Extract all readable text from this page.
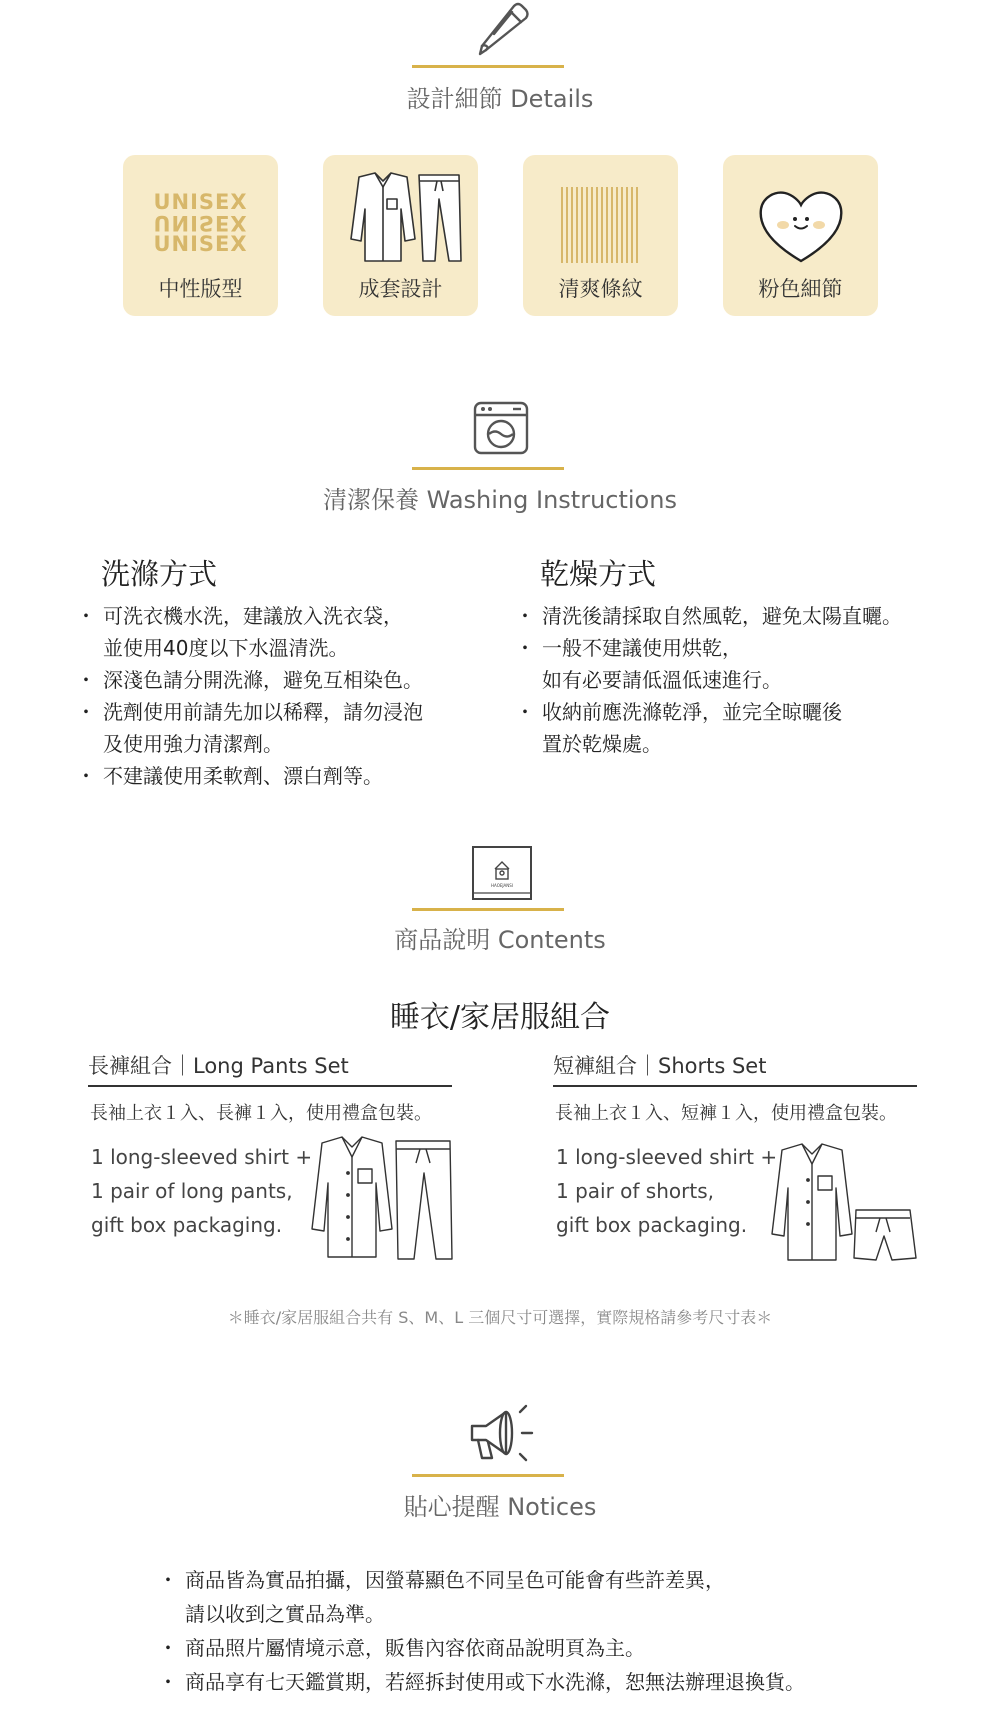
設計細節 Details
UNISEX
UNISEX
UNISEX
中性版型	成套設計	清爽條紋	粉色細節
清潔保養 Washing Instructions
洗滌方式
・ 可洗衣機水洗，建議放入洗衣袋，
並使用40度以下水溫清洗。
・ 深淺色請分開洗滌，避免互相染色。
・ 洗劑使用前請先加以稀釋，請勿浸泡
及使用強力清潔劑。
・ 不建議使用柔軟劑、漂白劑等。
乾燥方式
・ 清洗後請採取自然風乾，避免太陽直曬。
・ 一般不建議使用烘乾，
如有必要請低溫低速進行。
・ 收納前應洗滌乾淨，並完全晾曬後
置於乾燥處。
HAOEJANSI
商品說明 Contents
睡衣/家居服組合
長褲組合｜Long Pants Set
長袖上衣１入、長褲１入，使用禮盒包裝。
1 long-sleeved shirt +
1 pair of long pants,
gift box packaging.
短褲組合｜Shorts Set
長袖上衣１入、短褲１入，使用禮盒包裝。
1 long-sleeved shirt +
1 pair of shorts,
gift box packaging.
＊睡衣/家居服組合共有 S、M、L 三個尺寸可選擇，實際規格請參考尺寸表＊
貼心提醒 Notices
・ 商品皆為實品拍攝，因螢幕顯色不同呈色可能會有些許差異，
請以收到之實品為準。
・ 商品照片屬情境示意，販售內容依商品說明頁為主。
・ 商品享有七天鑑賞期，若經拆封使用或下水洗滌，恕無法辦理退換貨。
